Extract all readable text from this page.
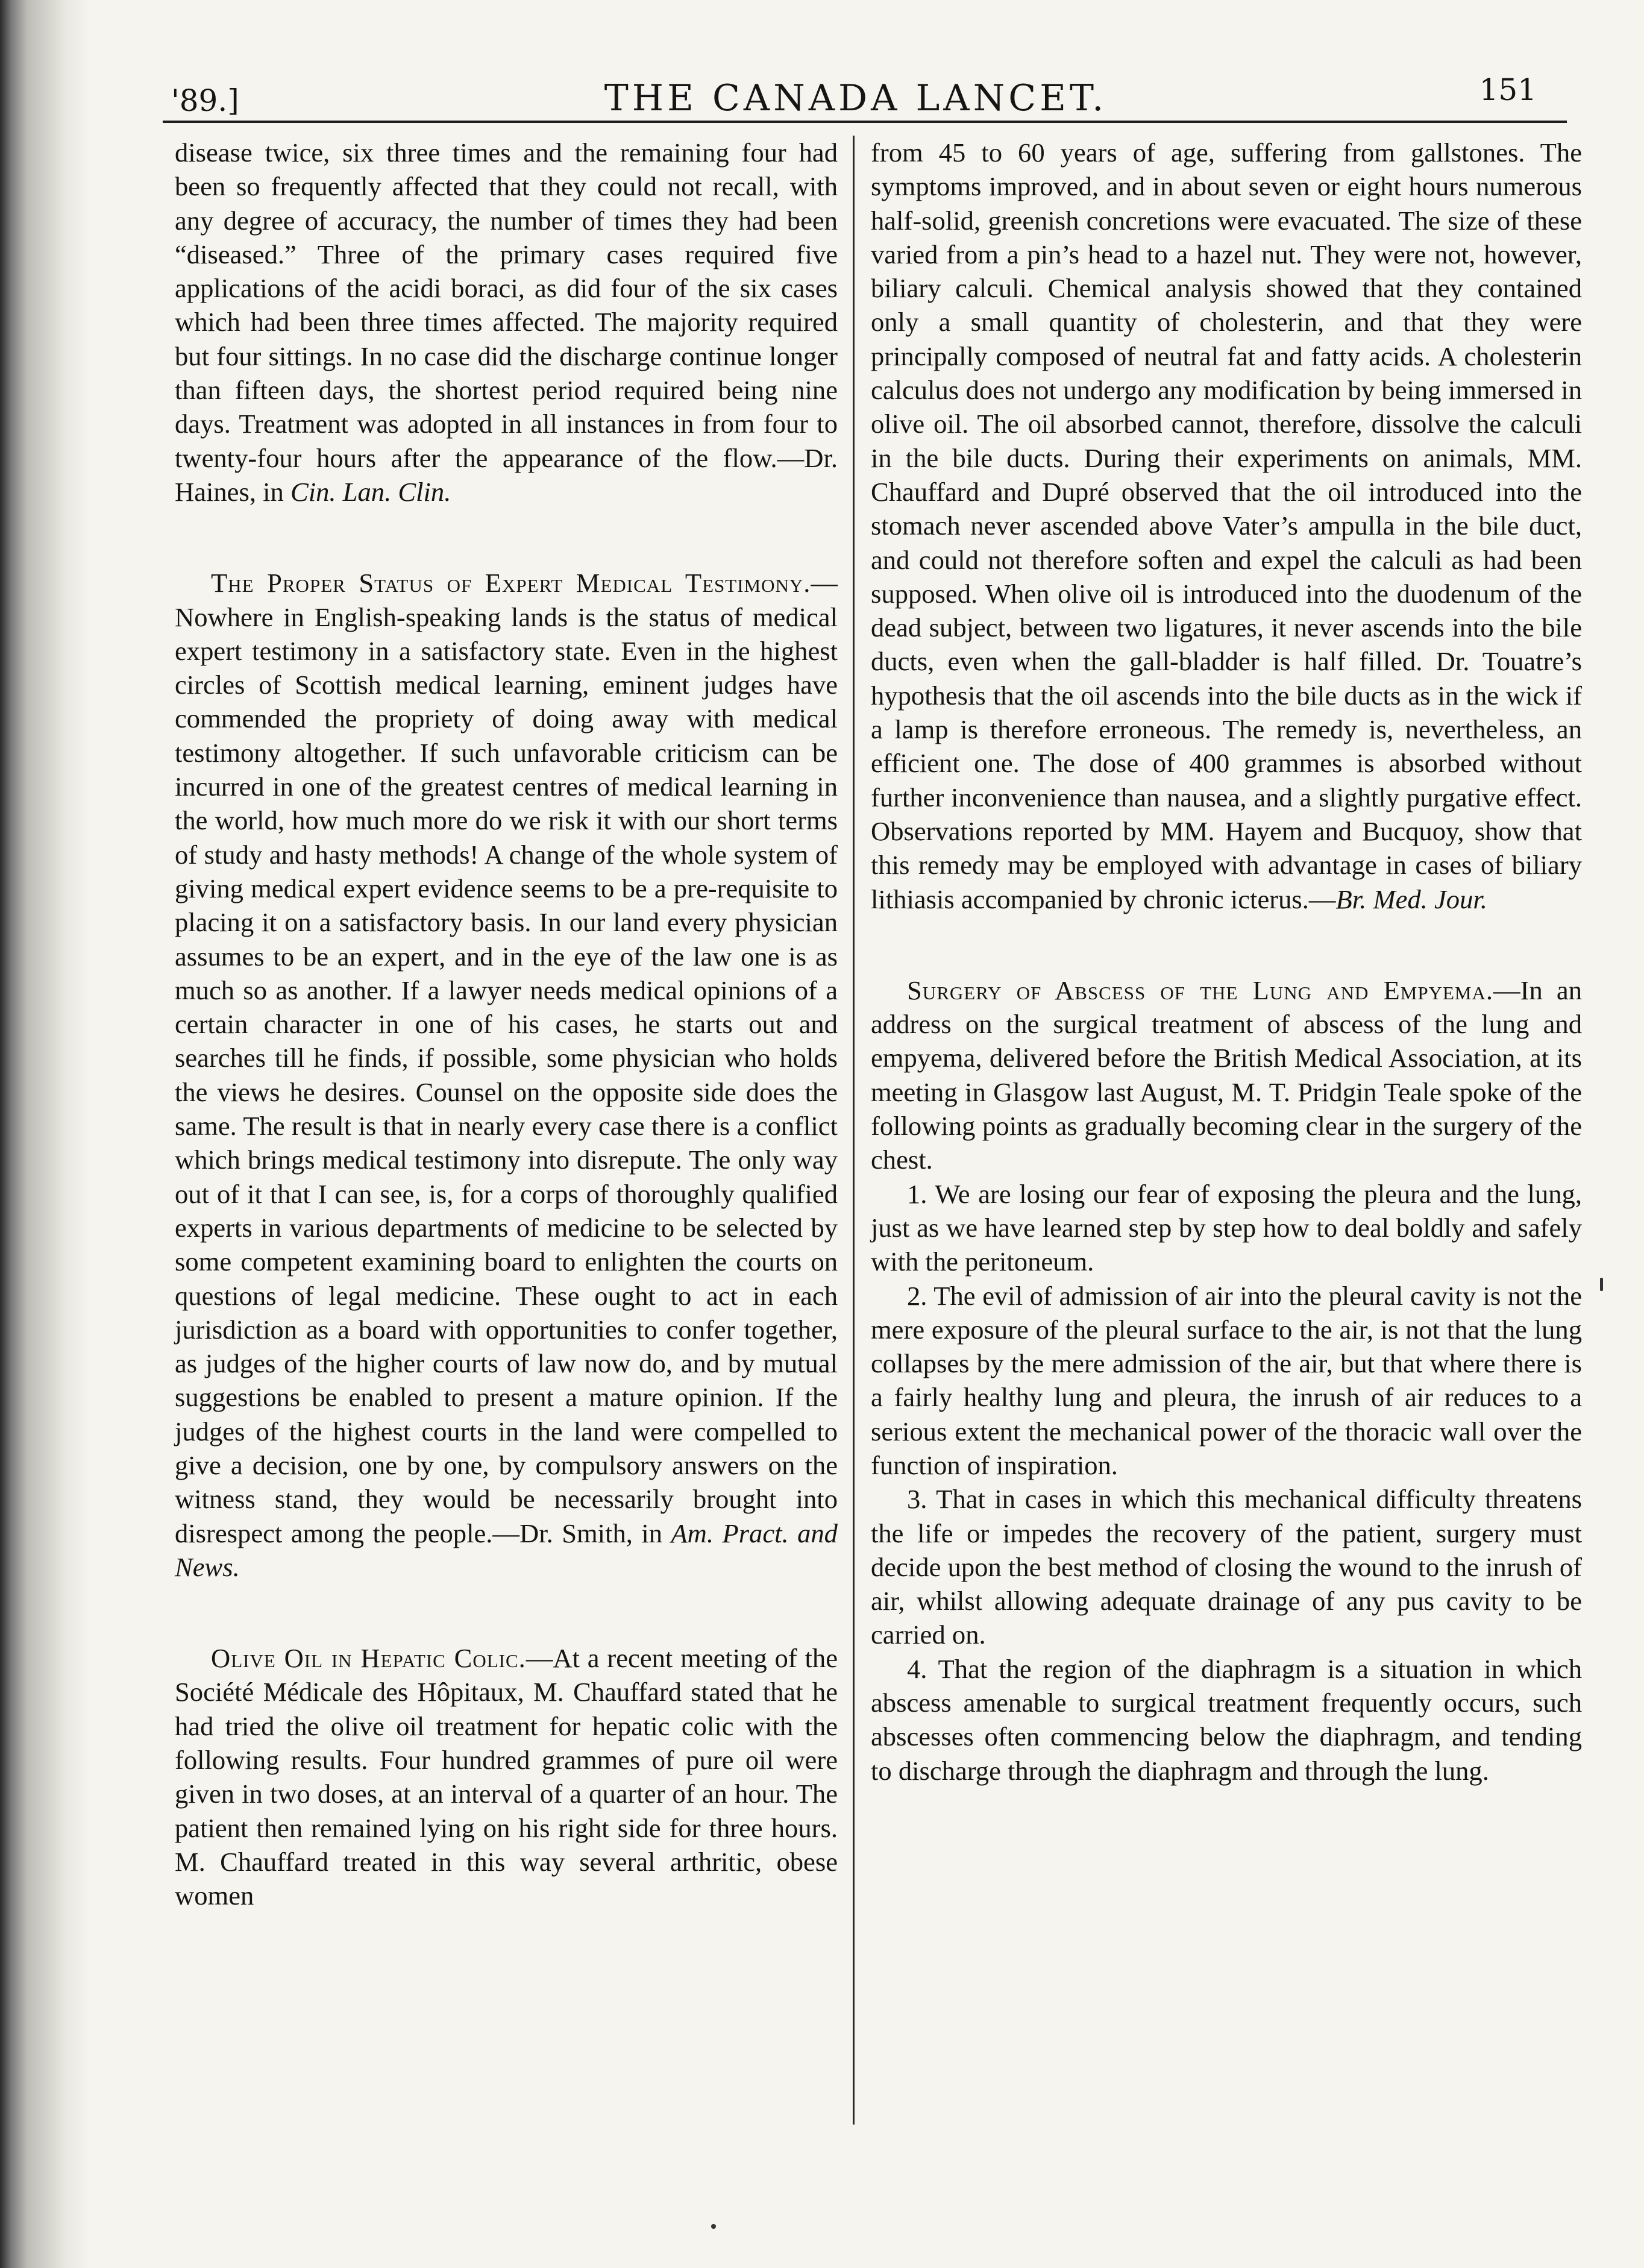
'89.]	THE CANADA LANCET.	151

disease twice, six three times and the remaining four had been so frequently affected that they could not recall, with any degree of accuracy, the number of times they had been “diseased.” Three of the primary cases required five applications of the acidi boraci, as did four of the six cases which had been three times affected. The majority required but four sittings. In no case did the discharge continue longer than fifteen days, the shortest period required being nine days. Treatment was adopted in all instances in from four to twenty-four hours after the appearance of the flow.—Dr. Haines, in Cin. Lan. Clin.

The Proper Status of Expert Medical Testimony.—Nowhere in English-speaking lands is the status of medical expert testimony in a satisfactory state. Even in the highest circles of Scottish medical learning, eminent judges have commended the propriety of doing away with medical testimony altogether. If such unfavorable criticism can be incurred in one of the greatest centres of medical learning in the world, how much more do we risk it with our short terms of study and hasty methods! A change of the whole system of giving medical expert evidence seems to be a pre-requisite to placing it on a satisfactory basis. In our land every physician assumes to be an expert, and in the eye of the law one is as much so as another. If a lawyer needs medical opinions of a certain character in one of his cases, he starts out and searches till he finds, if possible, some physician who holds the views he desires. Counsel on the opposite side does the same. The result is that in nearly every case there is a conflict which brings medical testimony into disrepute. The only way out of it that I can see, is, for a corps of thoroughly qualified experts in various departments of medicine to be selected by some competent examining board to enlighten the courts on questions of legal medicine. These ought to act in each jurisdiction as a board with opportunities to confer together, as judges of the higher courts of law now do, and by mutual suggestions be enabled to present a mature opinion. If the judges of the highest courts in the land were compelled to give a decision, one by one, by compulsory answers on the witness stand, they would be necessarily brought into disrespect among the people.—Dr. Smith, in Am. Pract. and News.

Olive Oil in Hepatic Colic.—At a recent meeting of the Société Médicale des Hôpitaux, M. Chauffard stated that he had tried the olive oil treatment for hepatic colic with the following results. Four hundred grammes of pure oil were given in two doses, at an interval of a quarter of an hour. The patient then remained lying on his right side for three hours. M. Chauffard treated in this way several arthritic, obese women

from 45 to 60 years of age, suffering from gallstones. The symptoms improved, and in about seven or eight hours numerous half-solid, greenish concretions were evacuated. The size of these varied from a pin’s head to a hazel nut. They were not, however, biliary calculi. Chemical analysis showed that they contained only a small quantity of cholesterin, and that they were principally composed of neutral fat and fatty acids. A cholesterin calculus does not undergo any modification by being immersed in olive oil. The oil absorbed cannot, therefore, dissolve the calculi in the bile ducts. During their experiments on animals, MM. Chauffard and Dupré observed that the oil introduced into the stomach never ascended above Vater’s ampulla in the bile duct, and could not therefore soften and expel the calculi as had been supposed. When olive oil is introduced into the duodenum of the dead subject, between two ligatures, it never ascends into the bile ducts, even when the gall-bladder is half filled. Dr. Touatre’s hypothesis that the oil ascends into the bile ducts as in the wick if a lamp is therefore erroneous. The remedy is, nevertheless, an efficient one. The dose of 400 grammes is absorbed without further inconvenience than nausea, and a slightly purgative effect. Observations reported by MM. Hayem and Bucquoy, show that this remedy may be employed with advantage in cases of biliary lithiasis accompanied by chronic icterus.—Br. Med. Jour.

Surgery of Abscess of the Lung and Empyema.—In an address on the surgical treatment of abscess of the lung and empyema, delivered before the British Medical Association, at its meeting in Glasgow last August, M. T. Pridgin Teale spoke of the following points as gradually becoming clear in the surgery of the chest.

1. We are losing our fear of exposing the pleura and the lung, just as we have learned step by step how to deal boldly and safely with the peritoneum.

2. The evil of admission of air into the pleural cavity is not the mere exposure of the pleural surface to the air, is not that the lung collapses by the mere admission of the air, but that where there is a fairly healthy lung and pleura, the inrush of air reduces to a serious extent the mechanical power of the thoracic wall over the function of inspiration.

3. That in cases in which this mechanical difficulty threatens the life or impedes the recovery of the patient, surgery must decide upon the best method of closing the wound to the inrush of air, whilst allowing adequate drainage of any pus cavity to be carried on.

4. That the region of the diaphragm is a situation in which abscess amenable to surgical treatment frequently occurs, such abscesses often commencing below the diaphragm, and tending to discharge through the diaphragm and through the lung.
